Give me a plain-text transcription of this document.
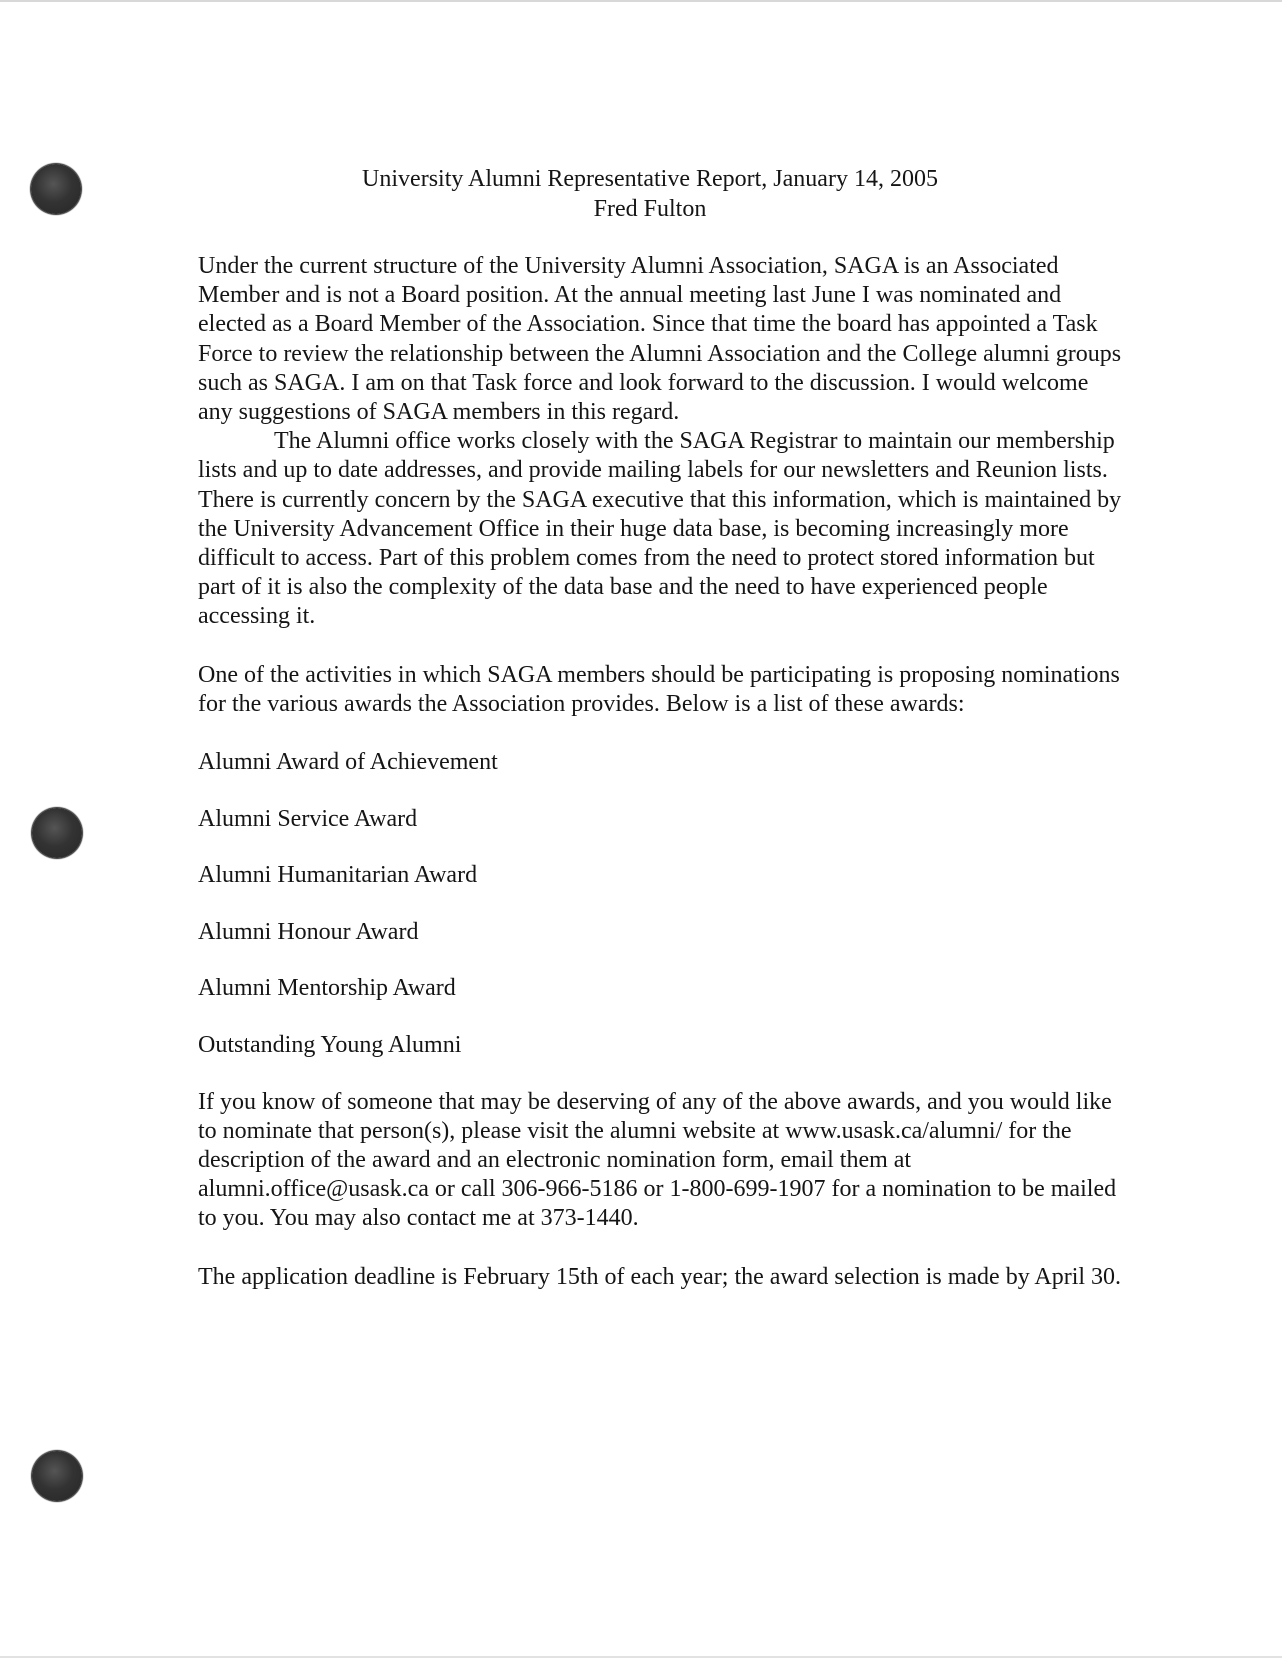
University Alumni Representative Report, January 14, 2005
Fred Fulton

Under the current structure of the University Alumni Association, SAGA is an Associated Member and is not a Board position. At the annual meeting last June I was nominated and elected as a Board Member of the Association. Since that time the board has appointed a Task Force to review the relationship between the Alumni Association and the College alumni groups such as SAGA. I am on that Task force and look forward to the discussion. I would welcome any suggestions of SAGA members in this regard.

The Alumni office works closely with the SAGA Registrar to maintain our membership lists and up to date addresses, and provide mailing labels for our newsletters and Reunion lists. There is currently concern by the SAGA executive that this information, which is maintained by the University Advancement Office in their huge data base, is becoming increasingly more difficult to access. Part of this problem comes from the need to protect stored information but part of it is also the complexity of the data base and the need to have experienced people accessing it.

One of the activities in which SAGA members should be participating is proposing nominations for the various awards the Association provides. Below is a list of these awards:

Alumni Award of Achievement

Alumni Service Award

Alumni Humanitarian Award

Alumni Honour Award

Alumni Mentorship Award

Outstanding Young Alumni

If you know of someone that may be deserving of any of the above awards, and you would like to nominate that person(s), please visit the alumni website at www.usask.ca/alumni/ for the description of the award and an electronic nomination form, email them at alumni.office@usask.ca or call 306-966-5186 or 1-800-699-1907 for a nomination to be mailed to you. You may also contact me at 373-1440.

The application deadline is February 15th of each year; the award selection is made by April 30.
